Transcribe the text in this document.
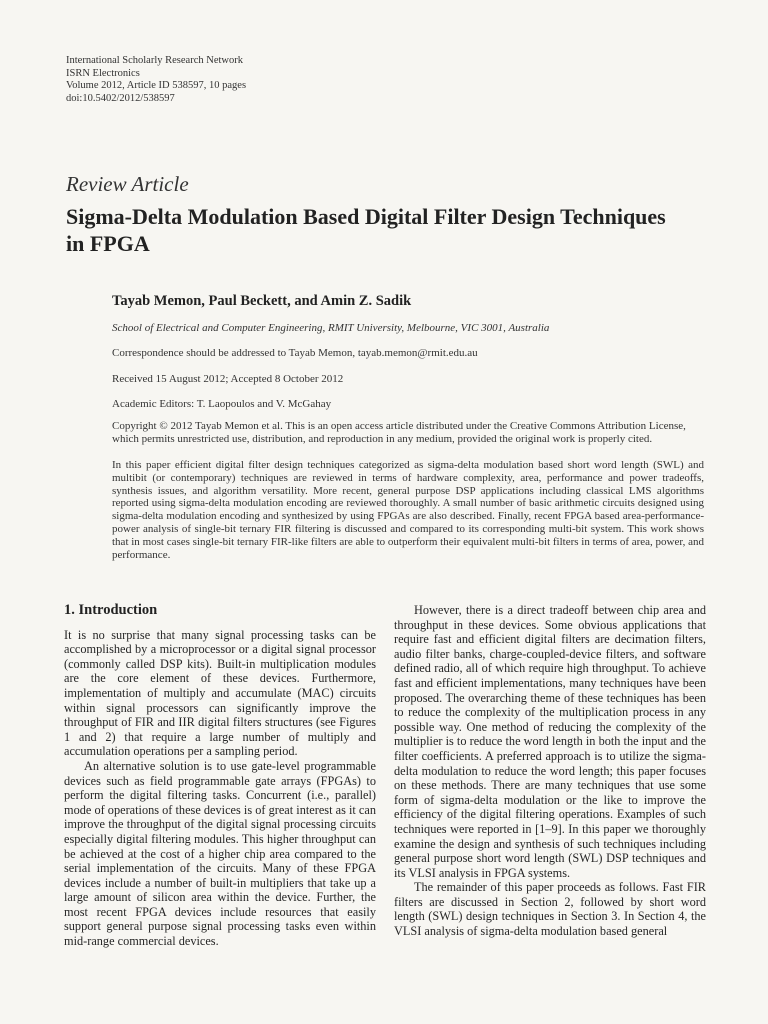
International Scholarly Research Network
ISRN Electronics
Volume 2012, Article ID 538597, 10 pages
doi:10.5402/2012/538597
Review Article
Sigma-Delta Modulation Based Digital Filter Design Techniques in FPGA
Tayab Memon, Paul Beckett, and Amin Z. Sadik
School of Electrical and Computer Engineering, RMIT University, Melbourne, VIC 3001, Australia
Correspondence should be addressed to Tayab Memon, tayab.memon@rmit.edu.au
Received 15 August 2012; Accepted 8 October 2012
Academic Editors: T. Laopoulos and V. McGahay
Copyright © 2012 Tayab Memon et al. This is an open access article distributed under the Creative Commons Attribution License, which permits unrestricted use, distribution, and reproduction in any medium, provided the original work is properly cited.
In this paper efficient digital filter design techniques categorized as sigma-delta modulation based short word length (SWL) and multibit (or contemporary) techniques are reviewed in terms of hardware complexity, area, performance and power tradeoffs, synthesis issues, and algorithm versatility. More recent, general purpose DSP applications including classical LMS algorithms reported using sigma-delta modulation encoding are reviewed thoroughly. A small number of basic arithmetic circuits designed using sigma-delta modulation encoding and synthesized by using FPGAs are also described. Finally, recent FPGA based area-performance-power analysis of single-bit ternary FIR filtering is discussed and compared to its corresponding multi-bit system. This work shows that in most cases single-bit ternary FIR-like filters are able to outperform their equivalent multi-bit filters in terms of area, power, and performance.
1. Introduction

It is no surprise that many signal processing tasks can be accomplished by a microprocessor or a digital signal processor (commonly called DSP kits). Built-in multiplication modules are the core element of these devices. Furthermore, implementation of multiply and accumulate (MAC) circuits within signal processors can significantly improve the throughput of FIR and IIR digital filters structures (see Figures 1 and 2) that require a large number of multiply and accumulation operations per a sampling period.

An alternative solution is to use gate-level programmable devices such as field programmable gate arrays (FPGAs) to perform the digital filtering tasks. Concurrent (i.e., parallel) mode of operations of these devices is of great interest as it can improve the throughput of the digital signal processing circuits especially digital filtering modules. This higher throughput can be achieved at the cost of a higher chip area compared to the serial implementation of the circuits. Many of these FPGA devices include a number of built-in multipliers that take up a large amount of silicon area within the device. Further, the most recent FPGA devices include resources that easily support general purpose signal processing tasks even within mid-range commercial devices.

However, there is a direct tradeoff between chip area and throughput in these devices. Some obvious applications that require fast and efficient digital filters are decimation filters, audio filter banks, charge-coupled-device filters, and software defined radio, all of which require high throughput. To achieve fast and efficient implementations, many techniques have been proposed. The overarching theme of these techniques has been to reduce the complexity of the multiplication process in any possible way. One method of reducing the complexity of the multiplier is to reduce the word length in both the input and the filter coefficients. A preferred approach is to utilize the sigma-delta modulation to reduce the word length; this paper focuses on these methods. There are many techniques that use some form of sigma-delta modulation or the like to improve the efficiency of the digital filtering operations. Examples of such techniques were reported in [1–9]. In this paper we thoroughly examine the design and synthesis of such techniques including general purpose short word length (SWL) DSP techniques and its VLSI analysis in FPGA systems.

The remainder of this paper proceeds as follows. Fast FIR filters are discussed in Section 2, followed by short word length (SWL) design techniques in Section 3. In Section 4, the VLSI analysis of sigma-delta modulation based general
